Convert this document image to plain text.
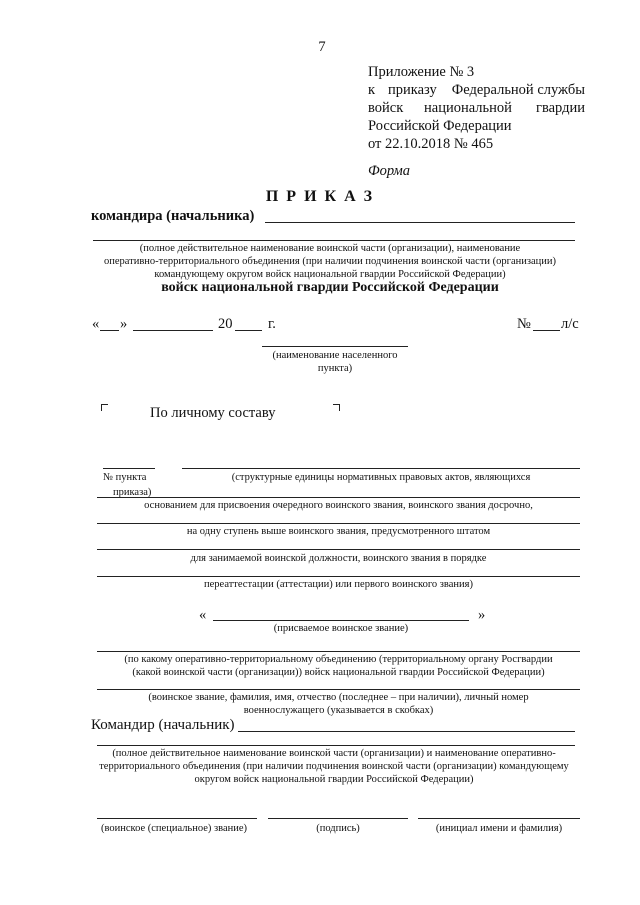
7
Приложение № 3
к приказу Федеральной службы
войск национальной гвардии
Российской Федерации
от 22.10.2018 № 465
Форма
П Р И К А З
командира (начальника)
(полное действительное наименование воинской части (организации), наименование
оперативно-территориального объединения (при наличии подчинения воинской части (организации)
командующему округом войск национальной гвардии Российской Федерации)
войск национальной гвардии Российской Федерации
« »	20 г.	№ л/с
(наименование населенного
пункта)
По личному составу
№ пункта
приказа)
(структурные единицы нормативных правовых актов, являющихся
основанием для присвоения очередного воинского звания, воинского звания досрочно,
на одну ступень выше воинского звания, предусмотренного штатом
для занимаемой воинской должности, воинского звания в порядке
переаттестации (аттестации) или первого воинского звания)
«	»
(присваемое воинское звание)
(по какому оперативно-территориальному объединению (территориальному органу Росгвардии
(какой воинской части (организации)) войск национальной гвардии Российской Федерации)
(воинское звание, фамилия, имя, отчество (последнее – при наличии), личный номер
военнослужащего (указывается в скобках)
Командир (начальник)
(полное действительное наименование воинской части (организации) и наименование оперативно-
территориального объединения (при наличии подчинения воинской части (организации) командующему
округом войск национальной гвардии Российской Федерации)
(воинское (специальное) звание)	(подпись)	(инициал имени и фамилия)
